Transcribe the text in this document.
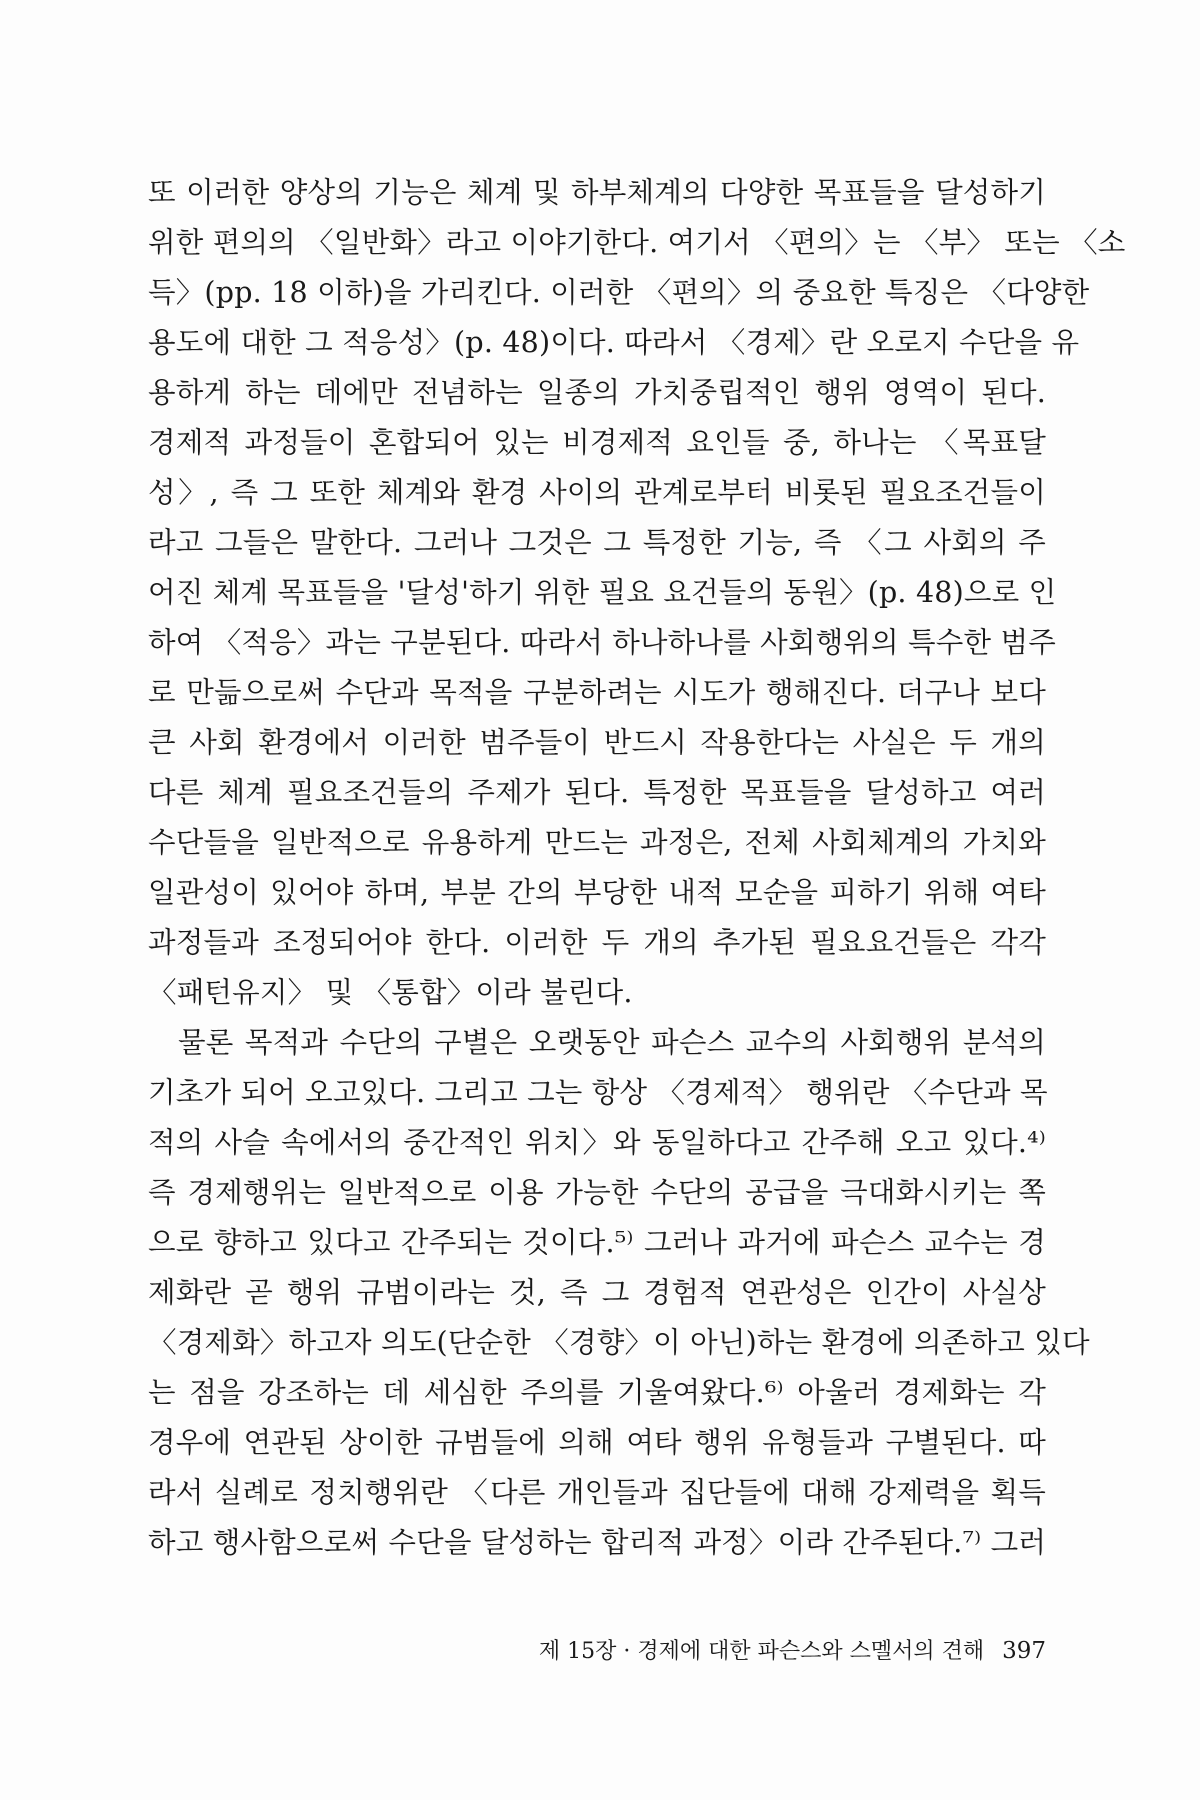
또 이러한 양상의 기능은 체계 및 하부체계의 다양한 목표들을 달성하기
위한 편의의 〈일반화〉라고 이야기한다. 여기서 〈편의〉는 〈부〉 또는 〈소
득〉(pp. 18 이하)을 가리킨다. 이러한 〈편의〉의 중요한 특징은 〈다양한
용도에 대한 그 적응성〉(p. 48)이다. 따라서 〈경제〉란 오로지 수단을 유
용하게 하는 데에만 전념하는 일종의 가치중립적인 행위 영역이 된다.
경제적 과정들이 혼합되어 있는 비경제적 요인들 중, 하나는 〈목표달
성〉, 즉 그 또한 체계와 환경 사이의 관계로부터 비롯된 필요조건들이
라고 그들은 말한다. 그러나 그것은 그 특정한 기능, 즉 〈그 사회의 주
어진 체계 목표들을 '달성'하기 위한 필요 요건들의 동원〉(p. 48)으로 인
하여 〈적응〉과는 구분된다. 따라서 하나하나를 사회행위의 특수한 범주
로 만듦으로써 수단과 목적을 구분하려는 시도가 행해진다. 더구나 보다
큰 사회 환경에서 이러한 범주들이 반드시 작용한다는 사실은 두 개의
다른 체계 필요조건들의 주제가 된다. 특정한 목표들을 달성하고 여러
수단들을 일반적으로 유용하게 만드는 과정은, 전체 사회체계의 가치와
일관성이 있어야 하며, 부분 간의 부당한 내적 모순을 피하기 위해 여타
과정들과 조정되어야 한다. 이러한 두 개의 추가된 필요요건들은 각각
〈패턴유지〉 및 〈통합〉이라 불린다.
물론 목적과 수단의 구별은 오랫동안 파슨스 교수의 사회행위 분석의
기초가 되어 오고있다. 그리고 그는 항상 〈경제적〉 행위란 〈수단과 목
적의 사슬 속에서의 중간적인 위치〉와 동일하다고 간주해 오고 있다.⁴⁾
즉 경제행위는 일반적으로 이용 가능한 수단의 공급을 극대화시키는 쪽
으로 향하고 있다고 간주되는 것이다.⁵⁾ 그러나 과거에 파슨스 교수는 경
제화란 곧 행위 규범이라는 것, 즉 그 경험적 연관성은 인간이 사실상
〈경제화〉하고자 의도(단순한 〈경향〉이 아닌)하는 환경에 의존하고 있다
는 점을 강조하는 데 세심한 주의를 기울여왔다.⁶⁾ 아울러 경제화는 각
경우에 연관된 상이한 규범들에 의해 여타 행위 유형들과 구별된다. 따
라서 실례로 정치행위란 〈다른 개인들과 집단들에 대해 강제력을 획득
하고 행사함으로써 수단을 달성하는 합리적 과정〉이라 간주된다.⁷⁾ 그러
제 15장 · 경제에 대한 파슨스와 스멜서의 견해 397
